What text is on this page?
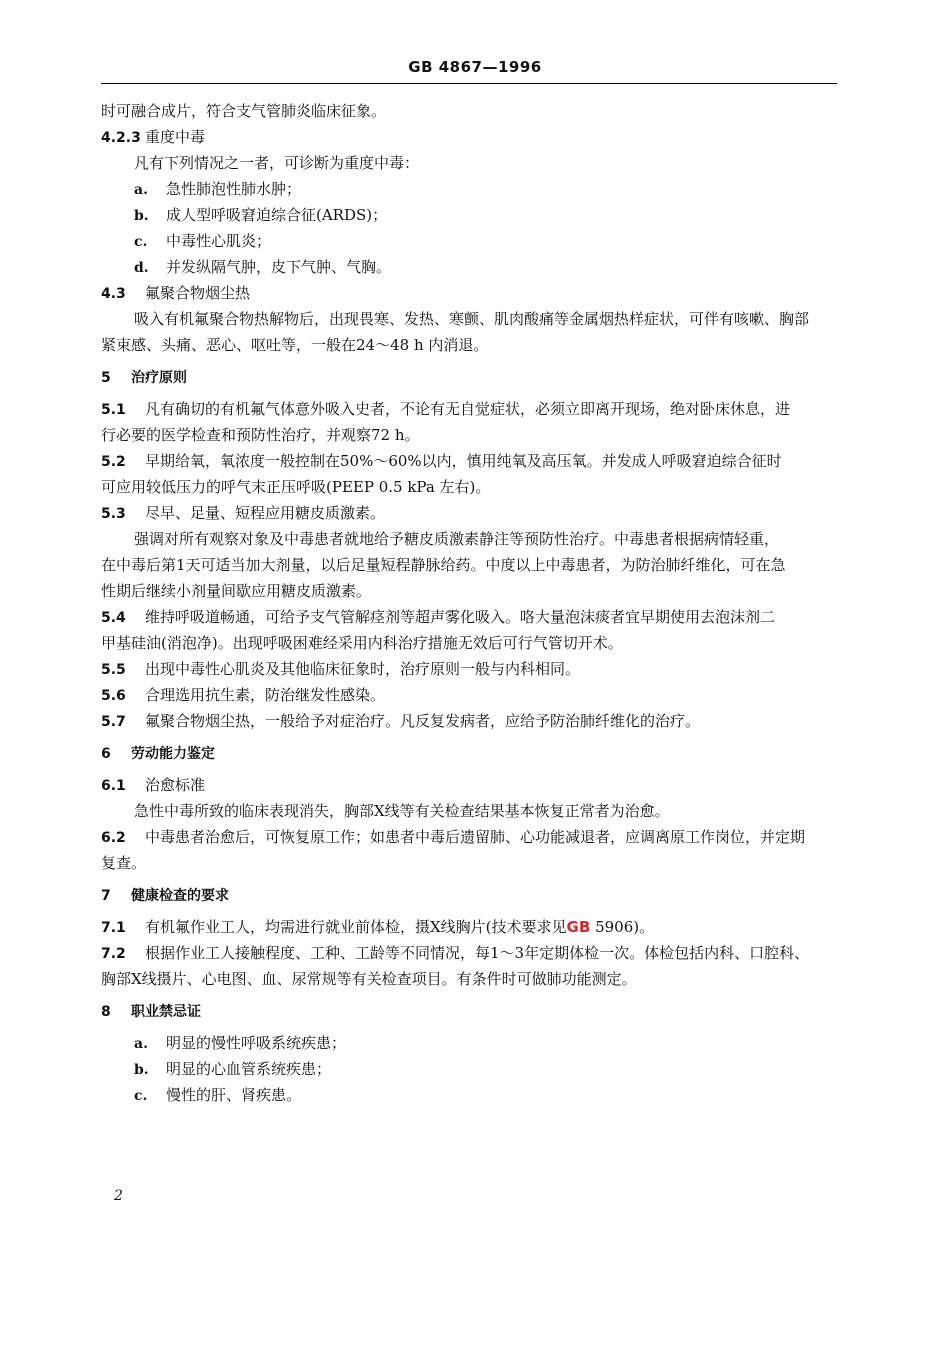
GB 4867—1996
时可融合成片，符合支气管肺炎临床征象。
4.2.3 重度中毒
凡有下列情况之一者，可诊断为重度中毒：
a. 急性肺泡性肺水肿；
b. 成人型呼吸窘迫综合征(ARDS)；
c. 中毒性心肌炎；
d. 并发纵隔气肿，皮下气肿、气胸。
4.3 氟聚合物烟尘热
吸入有机氟聚合物热解物后，出现畏寒、发热、寒颤、肌肉酸痛等金属烟热样症状，可伴有咳嗽、胸部
紧束感、头痛、恶心、呕吐等，一般在24～48 h 内消退。
5 治疗原则
5.1 凡有确切的有机氟气体意外吸入史者，不论有无自觉症状，必须立即离开现场，绝对卧床休息，进
行必要的医学检查和预防性治疗，并观察72 h。
5.2 早期给氧，氧浓度一般控制在50%～60%以内，慎用纯氧及高压氧。并发成人呼吸窘迫综合征时
可应用较低压力的呼气末正压呼吸(PEEP 0.5 kPa 左右)。
5.3 尽早、足量、短程应用糖皮质激素。
强调对所有观察对象及中毒患者就地给予糖皮质激素静注等预防性治疗。中毒患者根据病情轻重，
在中毒后第1天可适当加大剂量，以后足量短程静脉给药。中度以上中毒患者，为防治肺纤维化，可在急
性期后继续小剂量间歇应用糖皮质激素。
5.4 维持呼吸道畅通，可给予支气管解痉剂等超声雾化吸入。咯大量泡沫痰者宜早期使用去泡沫剂二
甲基硅油(消泡净)。出现呼吸困难经采用内科治疗措施无效后可行气管切开术。
5.5 出现中毒性心肌炎及其他临床征象时，治疗原则一般与内科相同。
5.6 合理选用抗生素，防治继发性感染。
5.7 氟聚合物烟尘热，一般给予对症治疗。凡反复发病者，应给予防治肺纤维化的治疗。
6 劳动能力鉴定
6.1 治愈标准
急性中毒所致的临床表现消失，胸部X线等有关检查结果基本恢复正常者为治愈。
6.2 中毒患者治愈后，可恢复原工作；如患者中毒后遗留肺、心功能减退者，应调离原工作岗位，并定期
复查。
7 健康检查的要求
7.1 有机氟作业工人，均需进行就业前体检，摄X线胸片(技术要求见GB 5906)。
7.2 根据作业工人接触程度、工种、工龄等不同情况，每1～3年定期体检一次。体检包括内科、口腔科、
胸部X线摄片、心电图、血、尿常规等有关检查项目。有条件时可做肺功能测定。
8 职业禁忌证
a. 明显的慢性呼吸系统疾患；
b. 明显的心血管系统疾患；
c. 慢性的肝、肾疾患。
2
